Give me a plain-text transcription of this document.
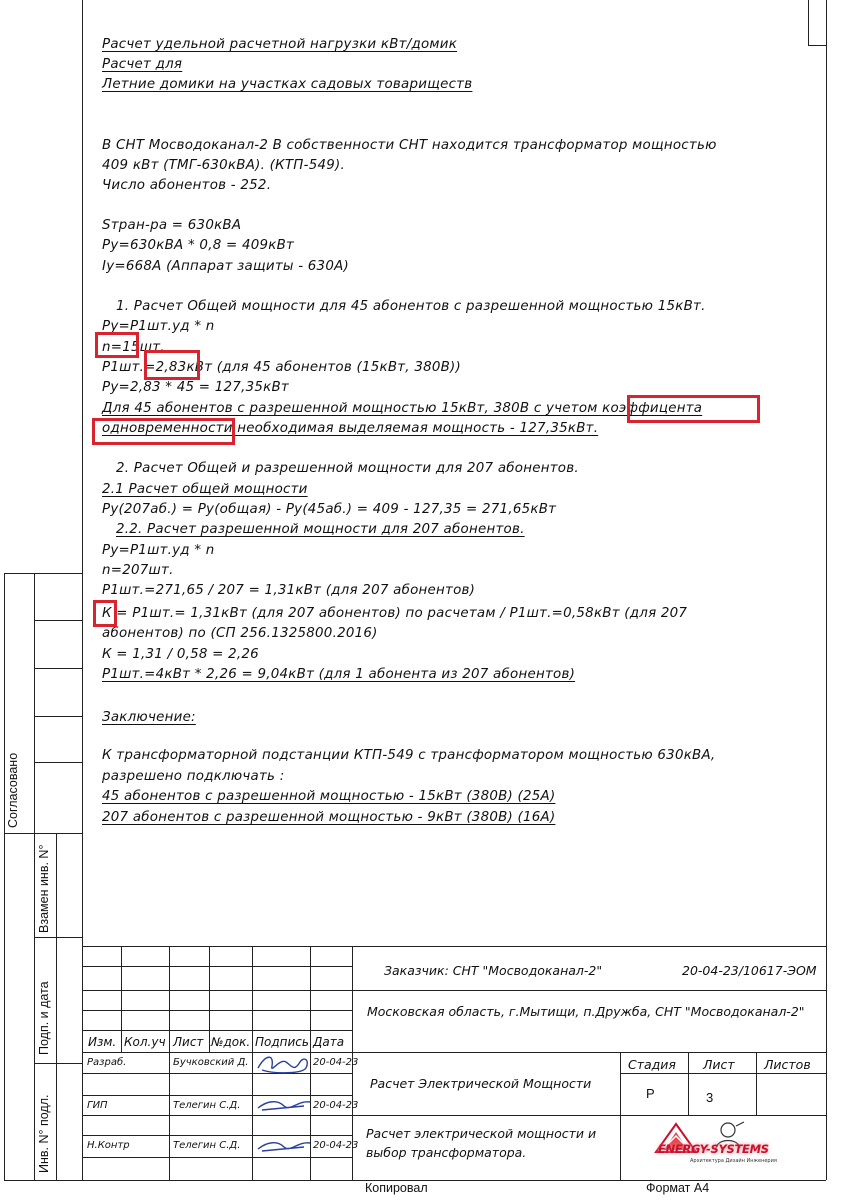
Согласовано
Взамен инв. N°
Подп. и дата
Инв. N° подл.
Расчет удельной расчетной нагрузки кВт/домик
Расчет для
Летние домики на участках садовых товариществ
В СНТ Мосводоканал-2 В собственности СНТ находится трансформатор мощностью
409 кВт (ТМГ-630кВА). (КТП-549).
Число абонентов - 252.
Sтран-ра = 630кВА
Ру=630кВА * 0,8 = 409кВт
Iу=668А (Аппарат защиты - 630А)
1. Расчет Общей мощности для 45 абонентов с разрешенной мощностью 15кВт.
Ру=Р1шт.уд * n
n=15шт.
Р1шт.=2,83кВт (для 45 абонентов (15кВт, 380В))
Ру=2,83 * 45 = 127,35кВт
Для 45 абонентов с разрешенной мощностью 15кВт, 380В с учетом коэффицента
одновременности необходимая выделяемая мощность - 127,35кВт.
2. Расчет Общей и разрешенной мощности для 207 абонентов.
2.1 Расчет общей мощности
Ру(207аб.) = Ру(общая) - Ру(45аб.) = 409 - 127,35 = 271,65кВт
2.2. Расчет разрешенной мощности для 207 абонентов.
Ру=Р1шт.уд * n
n=207шт.
Р1шт.=271,65 / 207 = 1,31кВт (для 207 абонентов)
К = Р1шт.= 1,31кВт (для 207 абонентов) по расчетам / Р1шт.=0,58кВт (для 207
абонентов) по (СП 256.1325800.2016)
К = 1,31 / 0,58 = 2,26
Р1шт.=4кВт * 2,26 = 9,04кВт (для 1 абонента из 207 абонентов)
Заключение:
К трансформаторной подстанции КТП-549 с трансформатором мощностью 630кВА,
разрешено подключать :
45 абонентов с разрешенной мощностью - 15кВт (380В) (25А)
207 абонентов с разрешенной мощностью - 9кВт (380В) (16А)
Заказчик: СНТ "Мосводоканал-2"	20-04-23/10617-ЭОМ
Московская область, г.Мытищи, п.Дружба, СНТ "Мосводоканал-2"
Изм. Кол.уч Лист №док. Подпись Дата
Разраб.	Бучковский Д.	20-04-23
ГИП	Телегин С.Д.	20-04-23
Н.Контр	Телегин С.Д.	20-04-23
Расчет Электрической Мощности
Стадия Лист Листов
Р	3
Расчет электрической мощности и
выбор трансформатора.	ENERGY-SYSTEMS
Архитектура Дизайн Инженерия
Копировал	Формат А4
